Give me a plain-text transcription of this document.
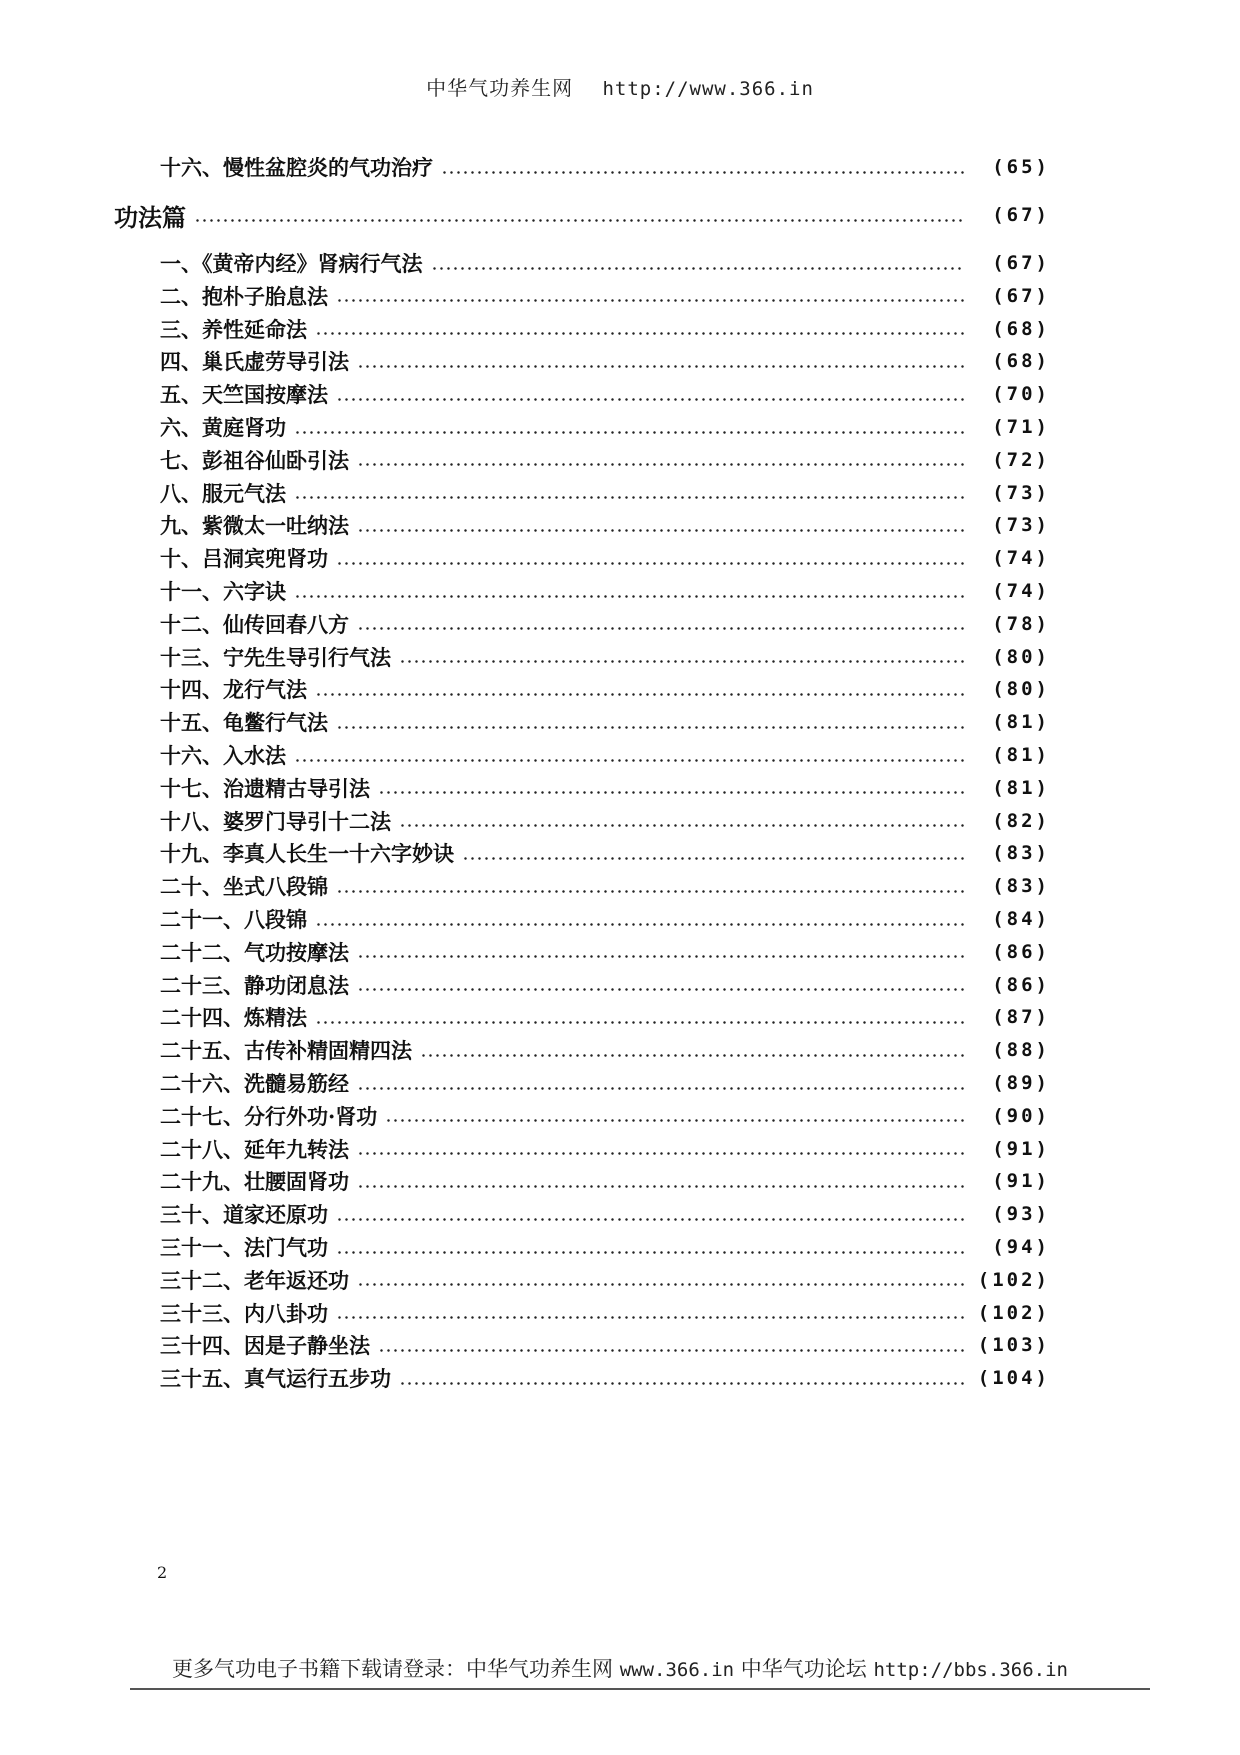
中华气功养生网 http://www.366.in
十六、慢性盆腔炎的气功治疗	(65)
功法篇	(67)
一、《黄帝内经》肾病行气法	(67)
二、抱朴子胎息法	(67)
三、养性延命法	(68)
四、巢氏虚劳导引法	(68)
五、天竺国按摩法	(70)
六、黄庭肾功	(71)
七、彭祖谷仙卧引法	(72)
八、服元气法	(73)
九、紫微太一吐纳法	(73)
十、吕洞宾兜肾功	(74)
十一、六字诀	(74)
十二、仙传回春八方	(78)
十三、宁先生导引行气法	(80)
十四、龙行气法	(80)
十五、龟鳖行气法	(81)
十六、入水法	(81)
十七、治遗精古导引法	(81)
十八、婆罗门导引十二法	(82)
十九、李真人长生一十六字妙诀	(83)
二十、坐式八段锦	(83)
二十一、八段锦	(84)
二十二、气功按摩法	(86)
二十三、静功闭息法	(86)
二十四、炼精法	(87)
二十五、古传补精固精四法	(88)
二十六、洗髓易筋经	(89)
二十七、分行外功·肾功	(90)
二十八、延年九转法	(91)
二十九、壮腰固肾功	(91)
三十、道家还原功	(93)
三十一、法门气功	(94)
三十二、老年返还功	(102)
三十三、内八卦功	(102)
三十四、因是子静坐法	(103)
三十五、真气运行五步功	(104)
2
更多气功电子书籍下载请登录：中华气功养生网 www.366.in 中华气功论坛 http://bbs.366.in
